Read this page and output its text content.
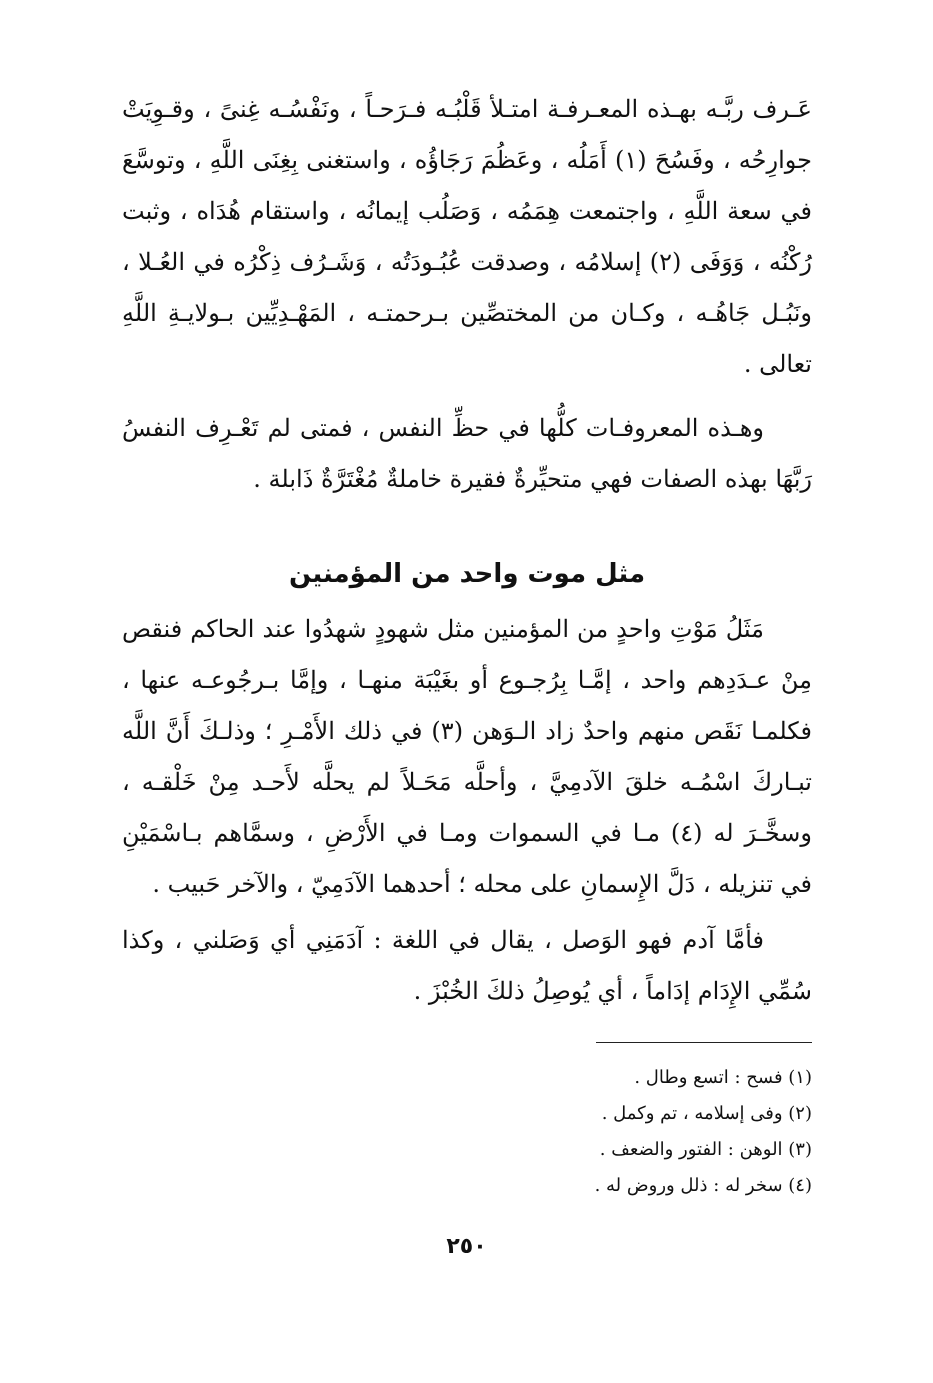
عَـرف ربَّـه بهـذه المعـرفـة امتـلأ قَلْبُـه فـرَحـاً ، ونَفْسُـه غِنىً ، وقـوِيَتْ جوارِحُه ، وفَسُحَ (١) أَمَلُه ، وعَظُمَ رَجَاؤُه ، واستغنى بِغِنَى اللَّهِ ، وتوسَّعَ في سعة اللَّهِ ، واجتمعت هِمَمُه ، وَصَلُب إيمانُه ، واستقام هُدَاه ، وثبت رُكْنُه ، وَوَفَى (٢) إسلامُه ، وصدقت عُبُـودَتُه ، وَشَـرُف ذِكْرُه في العُـلا ، ونَبُـل جَاهُـه ، وكـان من المختصِّين بـرحمتـه ، المَهْـدِيِّين بـولايـةِ اللَّهِ تعالى .

وهـذه المعروفـات كلُّها في حظِّ النفس ، فمتى لم تَعْـرِف النفسُ رَبَّهَا بهذه الصفات فهي متحيِّرةٌ فقيرة خاملةٌ مُغْتَرَّةٌ ذَابلة .

مثل موت واحد من المؤمنين

مَثَلُ مَوْتِ واحدٍ من المؤمنين مثل شهودٍ شهدُوا عند الحاكم فنقص مِنْ عـدَدِهم واحد ، إمَّـا بِرُجـوع أو بغَيْبَة منهـا ، وإمَّا بـرجُوعـه عنها ، فكلمـا نَقَص منهم واحدٌ زاد الـوَهن (٣) في ذلك الأَمْـرِ ؛ وذلـكَ أَنَّ اللَّه تبـاركَ اسْمُـه خلقَ الآدمِيَّ ، وأحلَّه مَحَـلاً لم يحلَّه لأَحـد مِنْ خَلْقـه ، وسخَّـرَ له (٤) مـا في السموات ومـا في الأَرْضِ ، وسمَّاهم بـاسْمَيْنِ في تنزيله ، دَلَّ الإِسمانِ على محله ؛ أحدهما الآدَمِيّ ، والآخر حَبيب .

فأمَّا آدم فهو الوَصل ، يقال في اللغة : آدَمَنِي أي وَصَلني ، وكذا سُمِّي الإِدَام إدَاماً ، أي يُوصِلُ ذلكَ الخُبْزَ .

(١) فسح : اتسع وطال .
(٢) وفى إسلامه ، تم وكمل .
(٣) الوهن : الفتور والضعف .
(٤) سخر له : ذلل وروض له .
٢٥٠
